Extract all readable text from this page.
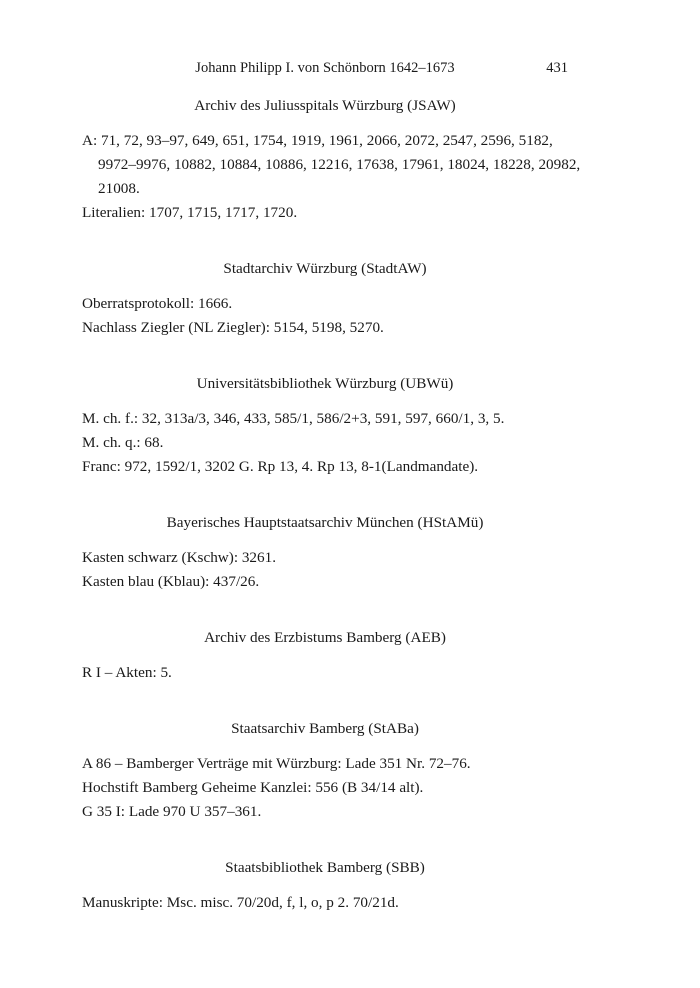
Johann Philipp I. von Schönborn 1642–1673	431
Archiv des Juliusspitals Würzburg (JSAW)
A: 71, 72, 93–97, 649, 651, 1754, 1919, 1961, 2066, 2072, 2547, 2596, 5182,
9972–9976, 10882, 10884, 10886, 12216, 17638, 17961, 18024, 18228, 20982,
21008.
Literalien: 1707, 1715, 1717, 1720.
Stadtarchiv Würzburg (StadtAW)
Oberratsprotokoll: 1666.
Nachlass Ziegler (NL Ziegler): 5154, 5198, 5270.
Universitätsbibliothek Würzburg (UBWü)
M. ch. f.: 32, 313a/3, 346, 433, 585/1, 586/2+3, 591, 597, 660/1, 3, 5.
M. ch. q.: 68.
Franc: 972, 1592/1, 3202 G. Rp 13, 4. Rp 13, 8-1(Landmandate).
Bayerisches Hauptstaatsarchiv München (HStAMü)
Kasten schwarz (Kschw): 3261.
Kasten blau (Kblau): 437/26.
Archiv des Erzbistums Bamberg (AEB)
R I – Akten: 5.
Staatsarchiv Bamberg (StABa)
A 86 – Bamberger Verträge mit Würzburg: Lade 351 Nr. 72–76.
Hochstift Bamberg Geheime Kanzlei: 556 (B 34/14 alt).
G 35 I: Lade 970 U 357–361.
Staatsbibliothek Bamberg (SBB)
Manuskripte: Msc. misc. 70/20d, f, l, o, p 2. 70/21d.
